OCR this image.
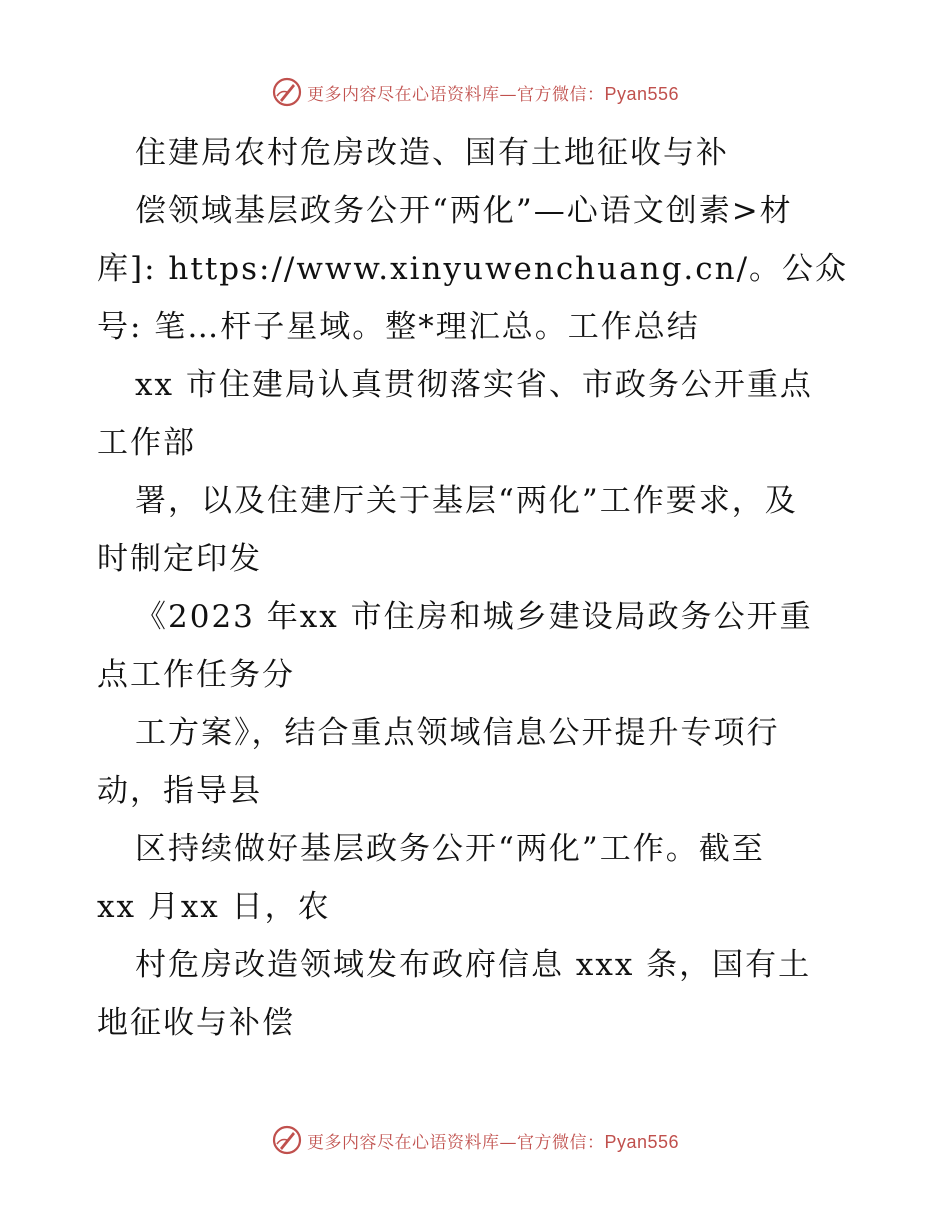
更多内容尽在心语资料库—官方微信：Pyan556
住建局农村危房改造、国有土地征收与补
偿领域基层政务公开“两化”—心语文创素>材
库]: https://www.xinyuwenchuang.cn/。公众
号: 笔…杆子星域。整*理汇总。工作总结
xx 市住建局认真贯彻落实省、市政务公开重点
工作部
署，以及住建厅关于基层“两化”工作要求，及
时制定印发
《2023 年xx 市住房和城乡建设局政务公开重
点工作任务分
工方案》，结合重点领域信息公开提升专项行
动，指导县
区持续做好基层政务公开“两化”工作。截至
xx 月xx 日，农
村危房改造领域发布政府信息 xxx 条，国有土
地征收与补偿
更多内容尽在心语资料库—官方微信：Pyan556
